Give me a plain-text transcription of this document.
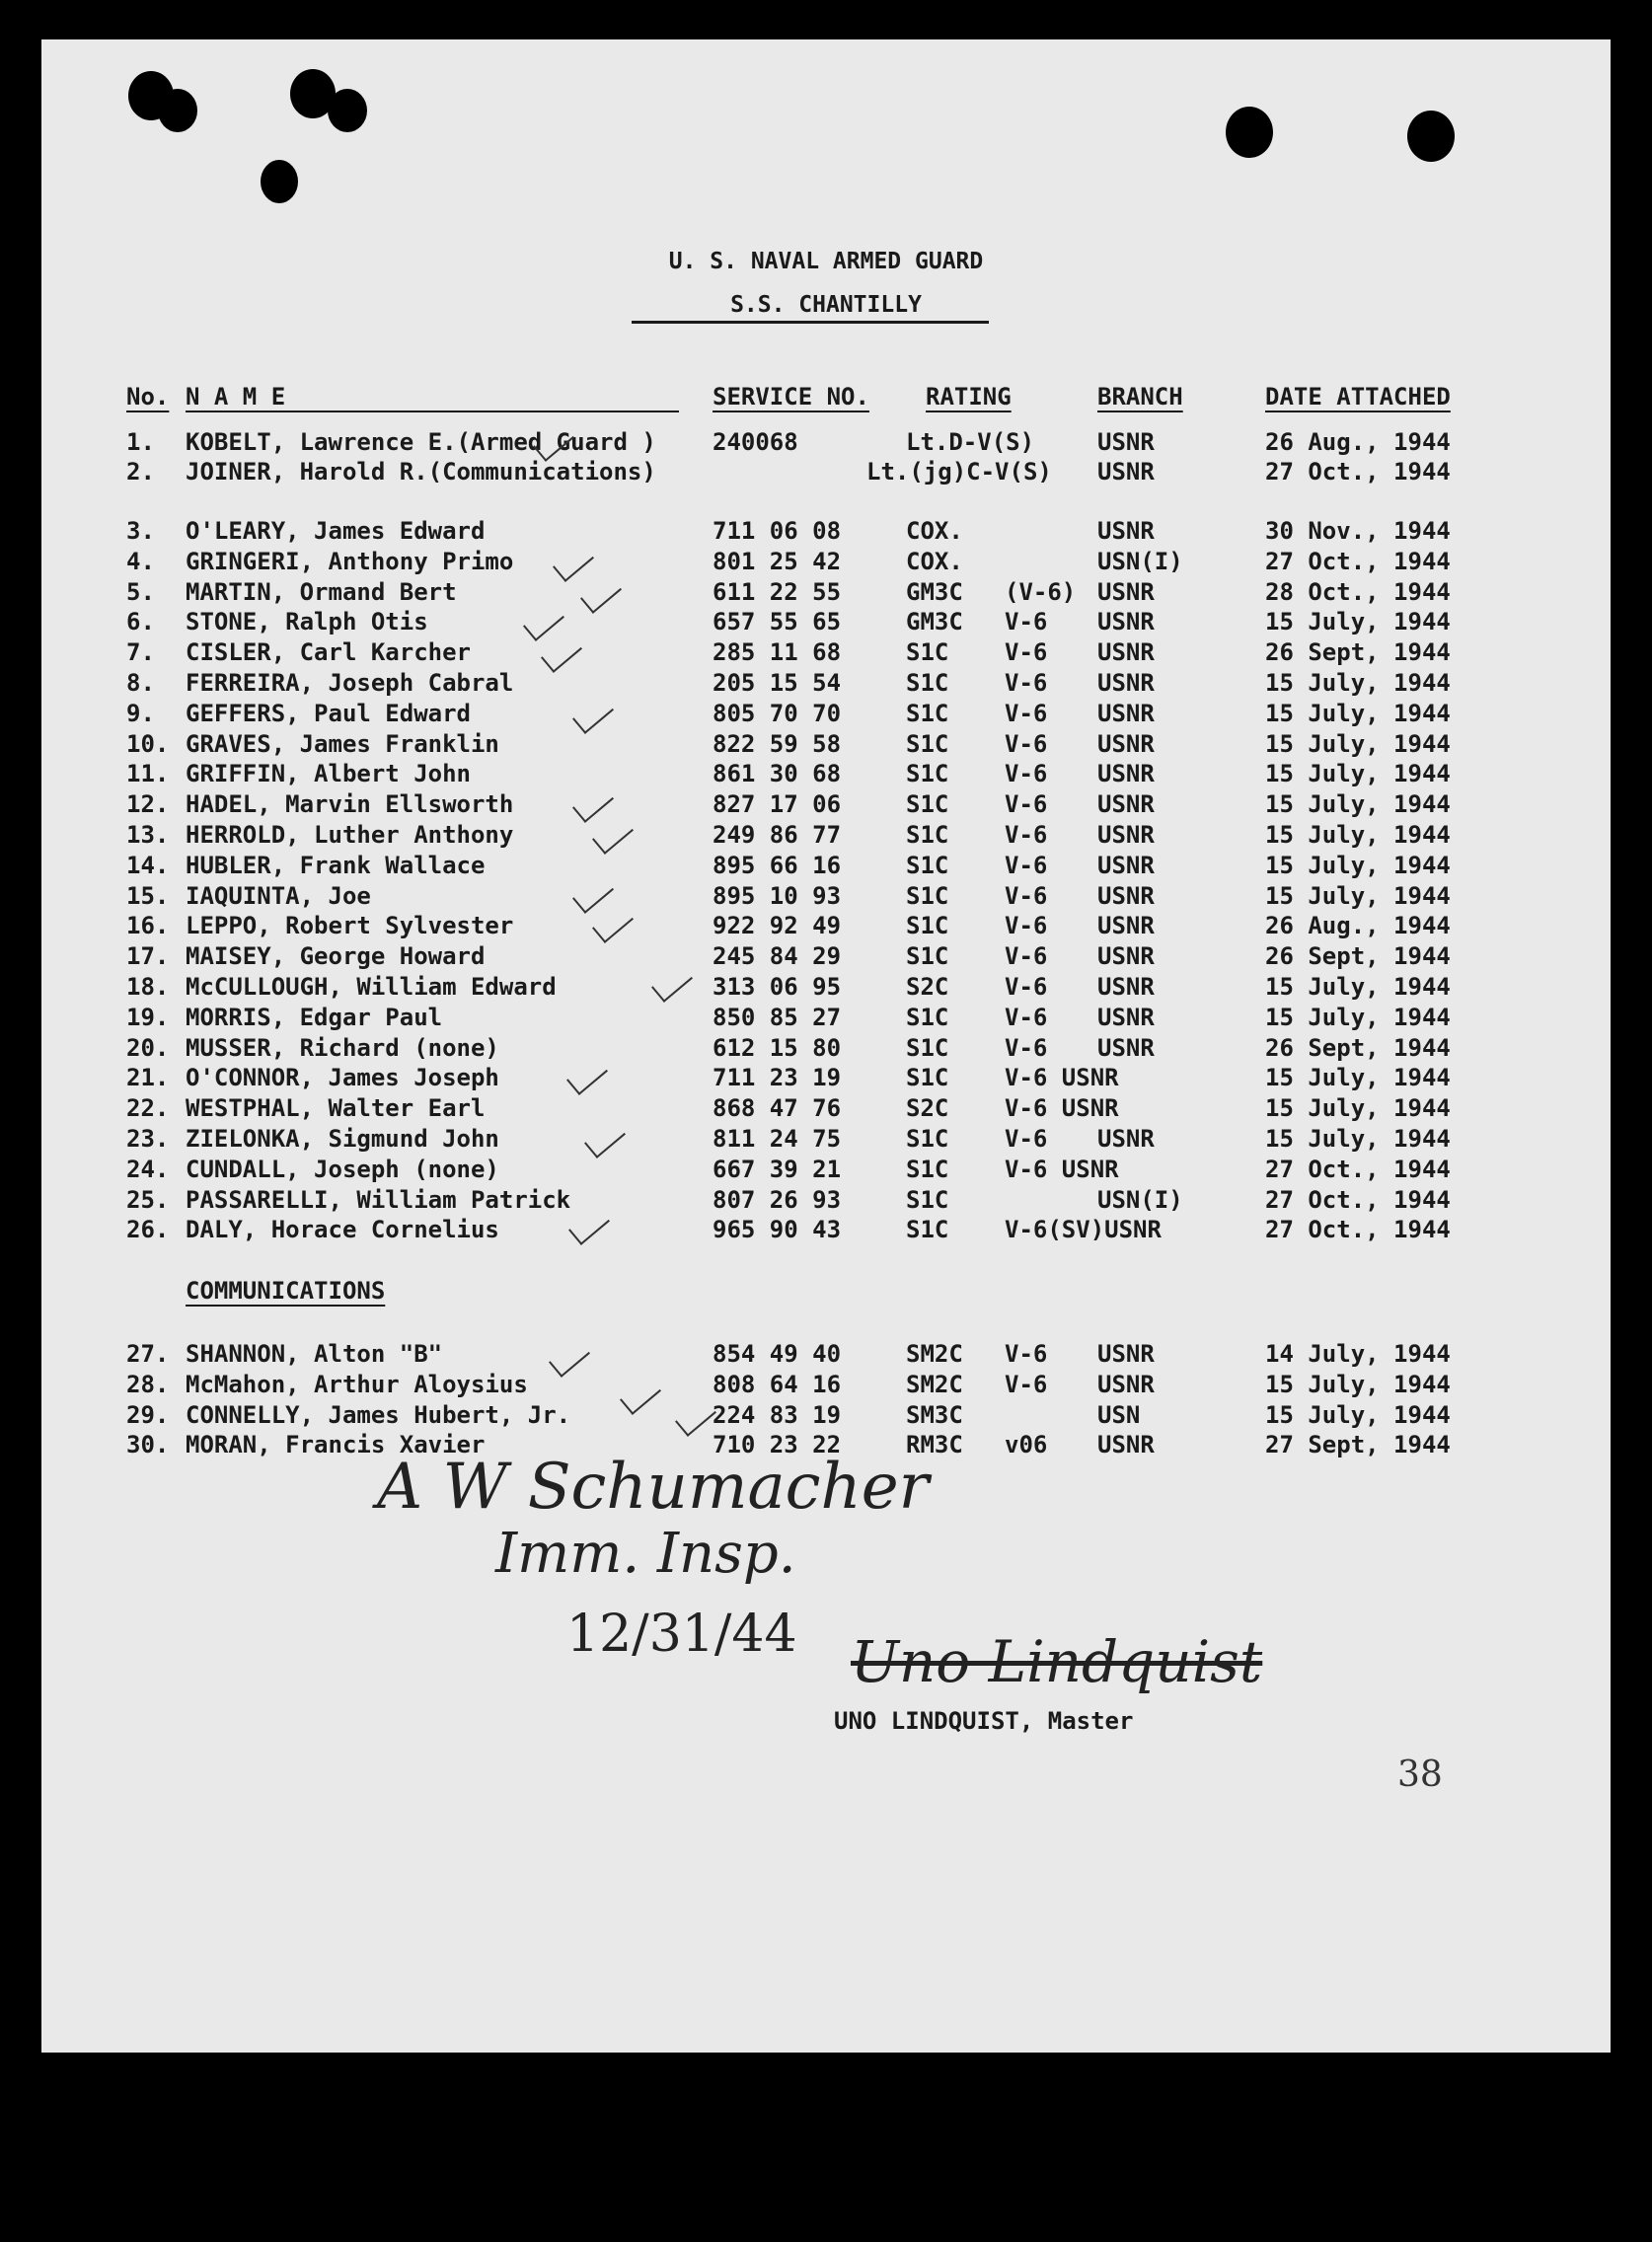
U. S. NAVAL ARMED GUARD
S.S. CHANTILLY
No. N A M E	SERVICE NO. RATING	BRANCH	DATE ATTACHED
1. KOBELT, Lawrence E.(Armed Guard ) 240068	Lt.D-V(S)	USNR	26 Aug., 1944
2. JOINER, Harold R.(Communications)	Lt.(jg)C-V(S) USNR	27 Oct., 1944
3. O'LEARY, James Edward	711 06 08	COX.	USNR	30 Nov., 1944
4. GRINGERI, Anthony Primo	801 25 42	COX.	USN(I)	27 Oct., 1944
5. MARTIN, Ormand Bert	611 22 55	GM3C (V-6) USNR	28 Oct., 1944
6. STONE, Ralph Otis	657 55 65	GM3C V-6 USNR	15 July, 1944
7. CISLER, Carl Karcher	285 11 68	S1C V-6 USNR	26 Sept, 1944
8. FERREIRA, Joseph Cabral	205 15 54	S1C V-6 USNR	15 July, 1944
9. GEFFERS, Paul Edward	805 70 70	S1C V-6 USNR	15 July, 1944
10. GRAVES, James Franklin	822 59 58	S1C V-6 USNR	15 July, 1944
11. GRIFFIN, Albert John	861 30 68	S1C V-6 USNR	15 July, 1944
12. HADEL, Marvin Ellsworth	827 17 06	S1C V-6 USNR	15 July, 1944
13. HERROLD, Luther Anthony	249 86 77	S1C V-6 USNR	15 July, 1944
14. HUBLER, Frank Wallace	895 66 16	S1C V-6 USNR	15 July, 1944
15. IAQUINTA, Joe	895 10 93	S1C V-6 USNR	15 July, 1944
16. LEPPO, Robert Sylvester	922 92 49	S1C V-6 USNR	26 Aug., 1944
17. MAISEY, George Howard	245 84 29	S1C V-6 USNR	26 Sept, 1944
18. McCULLOUGH, William Edward	313 06 95	S2C V-6 USNR	15 July, 1944
19. MORRIS, Edgar Paul	850 85 27	S1C V-6 USNR	15 July, 1944
20. MUSSER, Richard (none)	612 15 80	S1C V-6 USNR	26 Sept, 1944
21. O'CONNOR, James Joseph	711 23 19	S1C V-6 USNR	15 July, 1944
22. WESTPHAL, Walter Earl	868 47 76	S2C V-6 USNR	15 July, 1944
23. ZIELONKA, Sigmund John	811 24 75	S1C V-6 USNR	15 July, 1944
24. CUNDALL, Joseph (none)	667 39 21	S1C V-6 USNR	27 Oct., 1944
25. PASSARELLI, William Patrick	807 26 93	S1C	USN(I)	27 Oct., 1944
26. DALY, Horace Cornelius	965 90 43	S1C V-6(SV)USNR	27 Oct., 1944
COMMUNICATIONS
27. SHANNON, Alton "B"	854 49 40	SM2C V-6 USNR	14 July, 1944
28. McMahon, Arthur Aloysius	808 64 16	SM2C V-6 USNR	15 July, 1944
29. CONNELLY, James Hubert, Jr.	224 83 19	SM3C	USN	15 July, 1944
30. MORAN, Francis Xavier	710 23 22	RM3C v06 USNR	27 Sept, 1944
A W Schumacher
Imm. Insp.
12/31/44 Uno Lindquist
UNO LINDQUIST, Master
38
